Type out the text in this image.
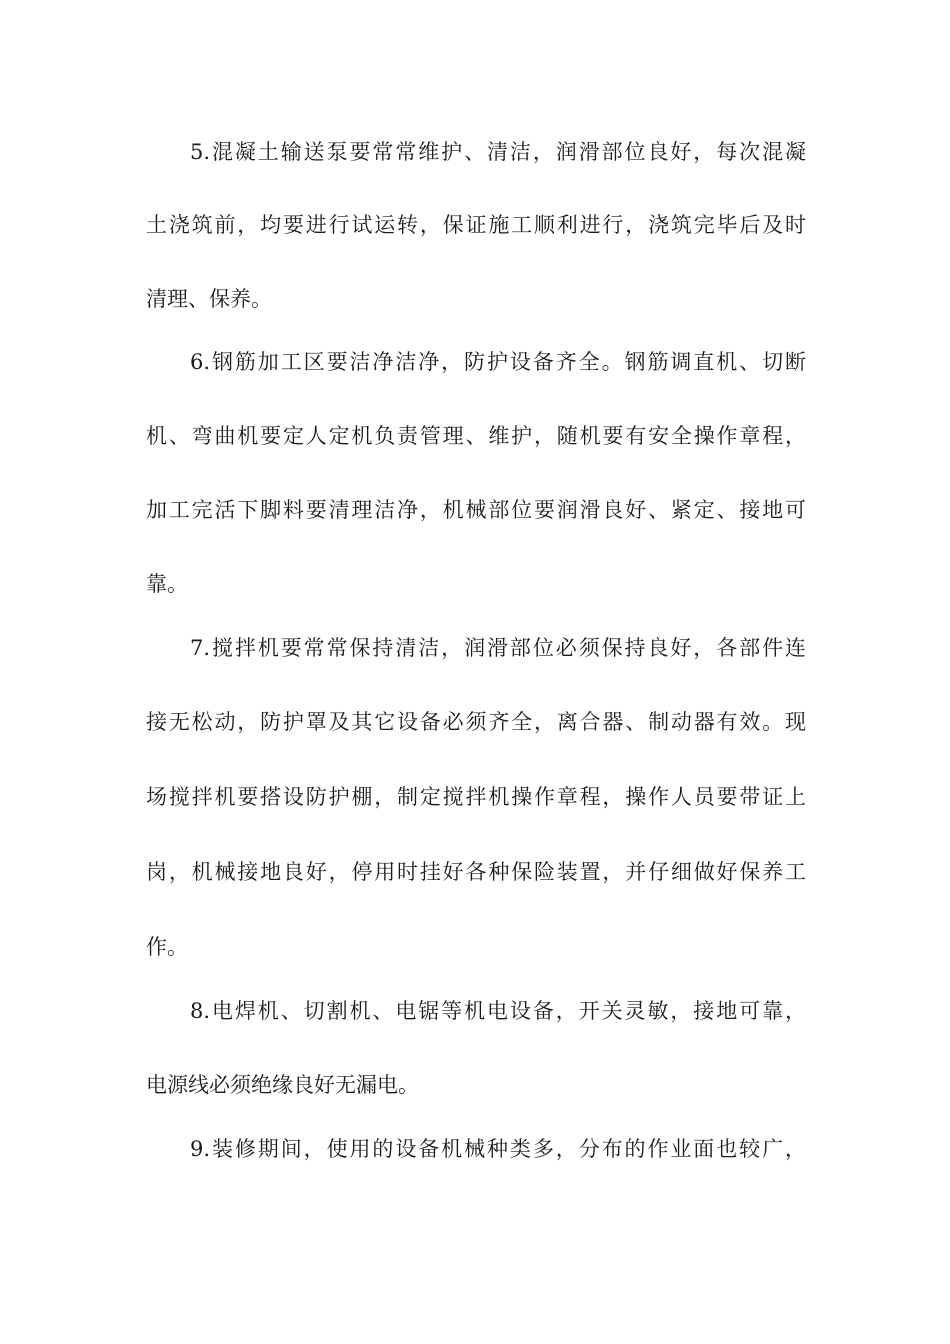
5.混凝土输送泵要常常维护、清洁，润滑部位良好，每次混凝
土浇筑前，均要进行试运转，保证施工顺利进行，浇筑完毕后及时
清理、保养。
6.钢筋加工区要洁净洁净，防护设备齐全。钢筋调直机、切断
机、弯曲机要定人定机负责管理、维护，随机要有安全操作章程，
加工完活下脚料要清理洁净，机械部位要润滑良好、紧定、接地可
靠。
7.搅拌机要常常保持清洁，润滑部位必须保持良好，各部件连
接无松动，防护罩及其它设备必须齐全，离合器、制动器有效。现
场搅拌机要搭设防护棚，制定搅拌机操作章程，操作人员要带证上
岗，机械接地良好，停用时挂好各种保险装置，并仔细做好保养工
作。
8.电焊机、切割机、电锯等机电设备，开关灵敏，接地可靠，
电源线必须绝缘良好无漏电。
9.装修期间，使用的设备机械种类多，分布的作业面也较广，
